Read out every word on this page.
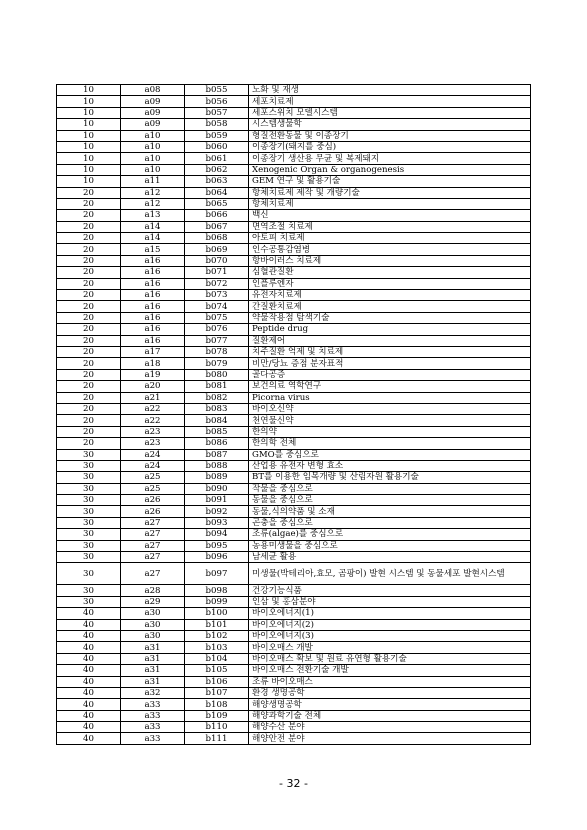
10	a08	b055	노화 및 재생
10	a09	b056	세포치료제
10	a09	b057	세포스위치 모델시스템
10	a09	b058	시스템생물학
10	a10	b059	형질전환동물 및 이종장기
10	a10	b060	이종장기(돼지를 중심)
10	a10	b061	이종장기 생산용 무균 및 복제돼지
10	a10	b062	Xenogenic Organ & organogenesis
10	a11	b063	GEM 연구 및 활용기술
20	a12	b064	항체치료제 제작 및 개량기술
20	a12	b065	항체치료제
20	a13	b066	백신
20	a14	b067	면역조절 치료제
20	a14	b068	아토피 치료제
20	a15	b069	인수공통감염병
20	a16	b070	항바이러스 치료제
20	a16	b071	심혈관질환
20	a16	b072	인플루엔자
20	a16	b073	유전자치료제
20	a16	b074	간질환치료제
20	a16	b075	약물작용점 탐색기술
20	a16	b076	Peptide drug
20	a16	b077	질환제어
20	a17	b078	치주질환 억제 및 치료제
20	a18	b079	비만/당뇨 증점 분자표적
20	a19	b080	골다공증
20	a20	b081	보건의료 역학연구
20	a21	b082	Picorna virus
20	a22	b083	바이오신약
20	a22	b084	천연물신약
20	a23	b085	한의약
20	a23	b086	한의학 전체
30	a24	b087	GMO를 중심으로
30	a24	b088	산업용 유전자 변형 효소
30	a25	b089	BT를 이용한 임목개량 및 산림자원 활용기술
30	a25	b090	작물을 중심으로
30	a26	b091	동물을 중심으로
30	a26	b092	동물,식의약품 및 소재
30	a27	b093	곤충을 중심으로
30	a27	b094	조류(algae)를 중심으로
30	a27	b095	농용미생물을 중심으로
30	a27	b096	남세균 활용
30	a27	b097	미생물(박테리아,효모, 곰팡이) 발현 시스템 및 동물세포 발현시스템
30	a28	b098	건강기능식품
30	a29	b099	인삼 및 홍삼분야
40	a30	b100	바이오에너지(1)
40	a30	b101	바이오에너지(2)
40	a30	b102	바이오에너지(3)
40	a31	b103	바이오매스 개발
40	a31	b104	바이오매스 확보 및 원료 유연형 활용기술
40	a31	b105	바이오매스 전환기술 개발
40	a31	b106	조류 바이오매스
40	a32	b107	환경 생명공학
40	a33	b108	해양생명공학
40	a33	b109	해양과학기술 전체
40	a33	b110	해양수산 분야
40	a33	b111	해양안전 분야
- 32 -
